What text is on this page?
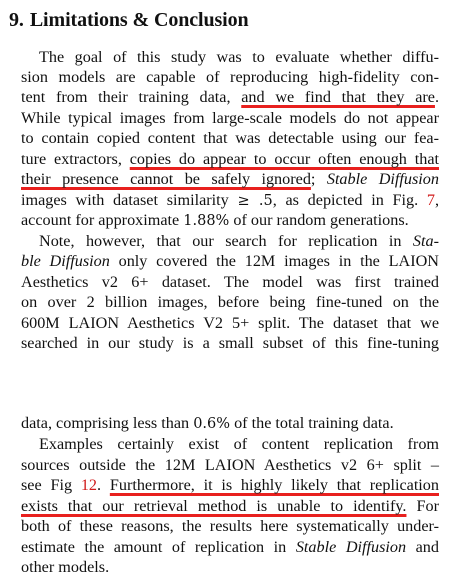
9. Limitations & Conclusion
The goal of this study was to evaluate whether diffu-
sion models are capable of reproducing high-fidelity con-
tent from their training data, and we find that they are.
While typical images from large-scale models do not appear
to contain copied content that was detectable using our fea-
ture extractors, copies do appear to occur often enough that
their presence cannot be safely ignored; Stable Diffusion
images with dataset similarity ≥ .5, as depicted in Fig. 7,
account for approximate 1.88% of our random generations.
Note, however, that our search for replication in Sta-
ble Diffusion only covered the 12M images in the LAION
Aesthetics v2 6+ dataset. The model was first trained
on over 2 billion images, before being fine-tuned on the
600M LAION Aesthetics V2 5+ split. The dataset that we
searched in our study is a small subset of this fine-tuning
data, comprising less than 0.6% of the total training data.
Examples certainly exist of content replication from
sources outside the 12M LAION Aesthetics v2 6+ split –
see Fig 12. Furthermore, it is highly likely that replication
exists that our retrieval method is unable to identify. For
both of these reasons, the results here systematically under-
estimate the amount of replication in Stable Diffusion and
other models.
